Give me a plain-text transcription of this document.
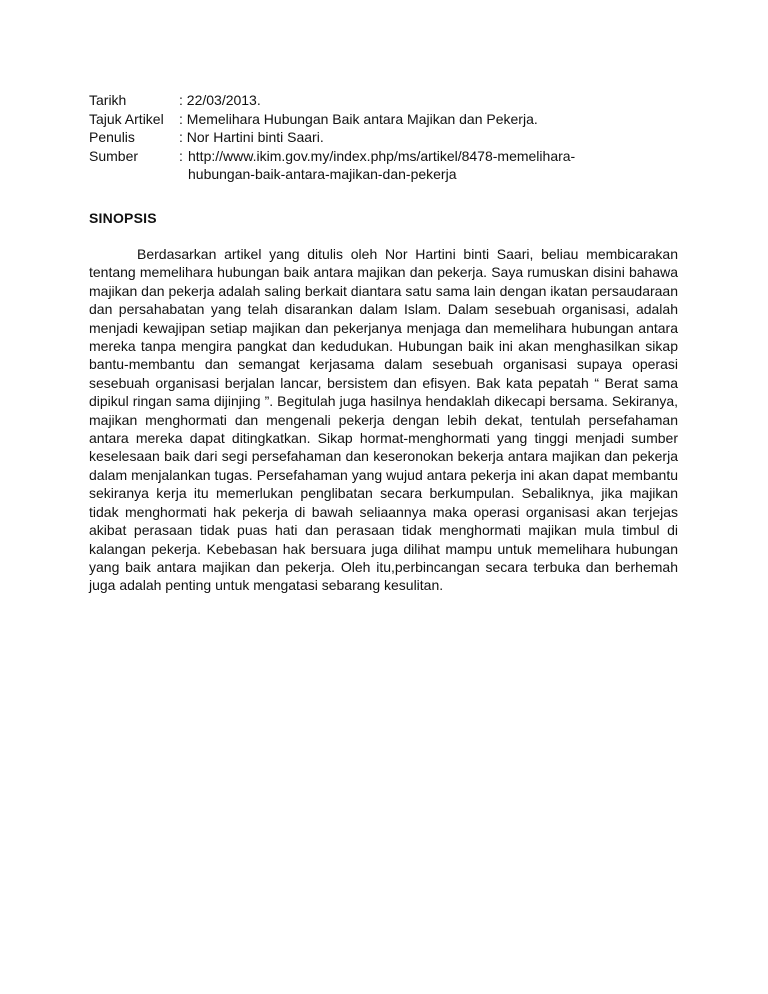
Tarikh	: 22/03/2013.
Tajuk Artikel	: Memelihara Hubungan Baik antara Majikan dan Pekerja.
Penulis	: Nor Hartini binti Saari.
Sumber	: http://www.ikim.gov.my/index.php/ms/artikel/8478-memelihara-
hubungan-baik-antara-majikan-dan-pekerja
SINOPSIS

Berdasarkan artikel yang ditulis oleh Nor Hartini binti Saari, beliau membicarakan tentang memelihara hubungan baik antara majikan dan pekerja. Saya rumuskan disini bahawa majikan dan pekerja adalah saling berkait diantara satu sama lain dengan ikatan persaudaraan dan persahabatan yang telah disarankan dalam Islam. Dalam sesebuah organisasi, adalah menjadi kewajipan setiap majikan dan pekerjanya menjaga dan memelihara hubungan antara mereka tanpa mengira pangkat dan kedudukan. Hubungan baik ini akan menghasilkan sikap bantu-membantu dan semangat kerjasama dalam sesebuah organisasi supaya operasi sesebuah organisasi berjalan lancar, bersistem dan efisyen. Bak kata pepatah “ Berat sama dipikul ringan sama dijinjing ”. Begitulah juga hasilnya hendaklah dikecapi bersama. Sekiranya, majikan menghormati dan mengenali pekerja dengan lebih dekat, tentulah persefahaman antara mereka dapat ditingkatkan. Sikap hormat-menghormati yang tinggi menjadi sumber keselesaan baik dari segi persefahaman dan keseronokan bekerja antara majikan dan pekerja dalam menjalankan tugas. Persefahaman yang wujud antara pekerja ini akan dapat membantu sekiranya kerja itu memerlukan penglibatan secara berkumpulan. Sebaliknya, jika majikan tidak menghormati hak pekerja di bawah seliaannya maka operasi organisasi akan terjejas akibat perasaan tidak puas hati dan perasaan tidak menghormati majikan mula timbul di kalangan pekerja. Kebebasan hak bersuara juga dilihat mampu untuk memelihara hubungan yang baik antara majikan dan pekerja. Oleh itu,perbincangan secara terbuka dan berhemah juga adalah penting untuk mengatasi sebarang kesulitan.
